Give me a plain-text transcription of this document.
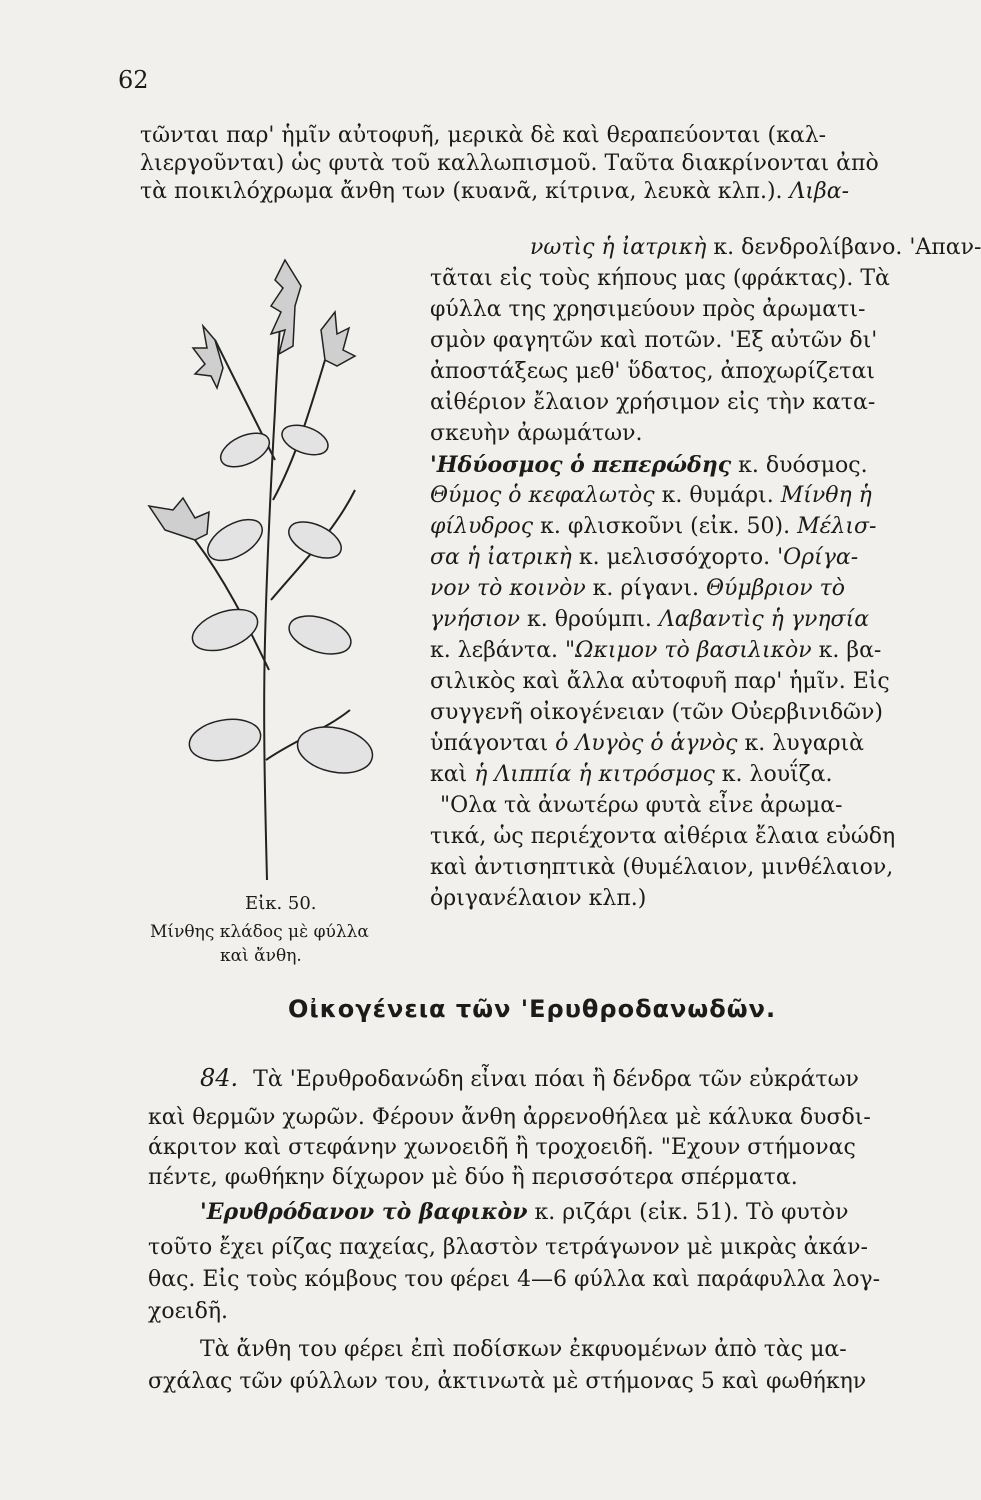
62
τῶνται παρ' ἡμῖν αὐτοφυῆ, μερικὰ δὲ καὶ θεραπεύονται (καλ-
λιεργοῦνται) ὡς φυτὰ τοῦ καλλωπισμοῦ. Ταῦτα διακρίνονται ἀπὸ
τὰ ποικιλόχρωμα ἄνθη των (κυανᾶ, κίτρινα, λευκὰ κλπ.). Λιβα-
νωτὶς ἡ ἰατρικὴ κ. δενδρολίβανο. 'Απαν-
τᾶται εἰς τοὺς κήπους μας (φράκτας). Τὰ
φύλλα της χρησιμεύουν πρὸς ἀρωματι-
σμὸν φαγητῶν καὶ ποτῶν. 'Εξ αὐτῶν δι'
ἀποστάξεως μεθ' ὕδατος, ἀποχωρίζεται
αἰθέριον ἔλαιον χρήσιμον εἰς τὴν κατα-
σκευὴν ἀρωμάτων.
'Ηδύοσμος ὁ πεπερώδης κ. δυόσμος.
Θύμος ὁ κεφαλωτὸς κ. θυμάρι. Μίνθη ἡ
φίλυδρος κ. φλισκοῦνι (εἰκ. 50). Μέλισ-
σα ἡ ἰατρικὴ κ. μελισσόχορτο. 'Ορίγα-
νον τὸ κοινὸν κ. ρίγανι. Θύμβριον τὸ
γνήσιον κ. θρούμπι. Λαβαντὶς ἡ γνησία
κ. λεβάντα. "Ωκιμον τὸ βασιλικὸν κ. βα-
σιλικὸς καὶ ἄλλα αὐτοφυῆ παρ' ἡμῖν. Εἰς
συγγενῆ οἰκογένειαν (τῶν Οὐερβινιδῶν)
ὑπάγονται ὁ Λυγὸς ὁ ἁγνὸς κ. λυγαριὰ
καὶ ἡ Λιππία ἡ κιτρόσμος κ. λουΐζα.
"Ολα τὰ ἀνωτέρω φυτὰ εἶνε ἀρωμα-
τικά, ὡς περιέχοντα αἰθέρια ἔλαια εὐώδη
καὶ ἀντισηπτικὰ (θυμέλαιον, μινθέλαιον,
ὀριγανέλαιον κλπ.)
Εἰκ. 50.
Μίνθης κλάδος μὲ φύλλα
καὶ ἄνθη.
Οἰκογένεια τῶν 'Ερυθροδανωδῶν.
84. Τὰ 'Ερυθροδανώδη εἶναι πόαι ἢ δένδρα τῶν εὐκράτων
καὶ θερμῶν χωρῶν. Φέρουν ἄνθη ἀρρενοθήλεα μὲ κάλυκα δυσδι-
άκριτον καὶ στεφάνην χωνοειδῆ ἢ τροχοειδῆ. "Εχουν στήμονας
πέντε, φωθήκην δίχωρον μὲ δύο ἢ περισσότερα σπέρματα.
'Ερυθρόδανον τὸ βαφικὸν κ. ριζάρι (εἰκ. 51). Τὸ φυτὸν
τοῦτο ἔχει ρίζας παχείας, βλαστὸν τετράγωνον μὲ μικρὰς ἀκάν-
θας. Εἰς τοὺς κόμβους του φέρει 4—6 φύλλα καὶ παράφυλλα λογ-
χοειδῆ.
Τὰ ἄνθη του φέρει ἐπὶ ποδίσκων ἐκφυομένων ἀπὸ τὰς μα-
σχάλας τῶν φύλλων του, ἀκτινωτὰ μὲ στήμονας 5 καὶ φωθήκην
